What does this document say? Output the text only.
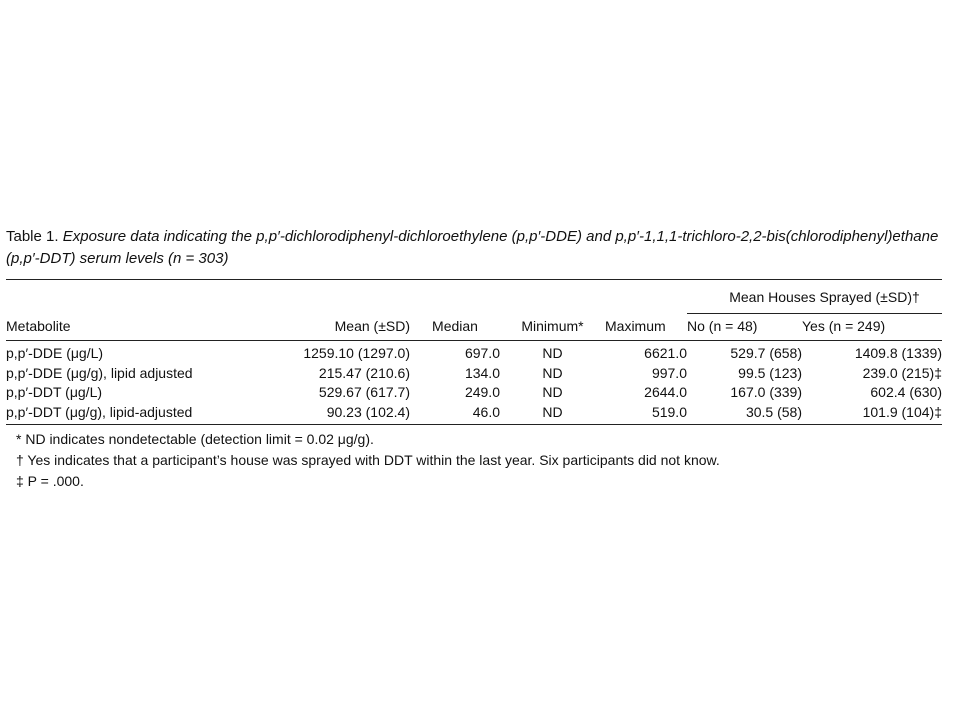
Table 1. Exposure data indicating the p,p′-dichlorodiphenyl-dichloroethylene (p,p′-DDE) and p,p′-1,1,1-trichloro-2,2-bis(chlorodiphenyl)ethane (p,p′-DDT) serum levels (n = 303)

					Mean Houses Sprayed (±SD)†	
Metabolite	Mean (±SD)	Median	Minimum*	Maximum	No (n = 48)	Yes (n = 249)
p,p′-DDE (μg/L)	1259.10 (1297.0)	697.0	ND	6621.0	529.7 (658)	1409.8 (1339)
p,p′-DDE (μg/g), lipid adjusted	215.47 (210.6)	134.0	ND	997.0	99.5 (123)	239.0 (215)‡
p,p′-DDT (μg/L)	529.67 (617.7)	249.0	ND	2644.0	167.0 (339)	602.4 (630)
p,p′-DDT (μg/g), lipid-adjusted	90.23 (102.4)	46.0	ND	519.0	30.5 (58)	101.9 (104)‡

* ND indicates nondetectable (detection limit = 0.02 μg/g).

† Yes indicates that a participant’s house was sprayed with DDT within the last year. Six participants did not know.

‡ P = .000.
